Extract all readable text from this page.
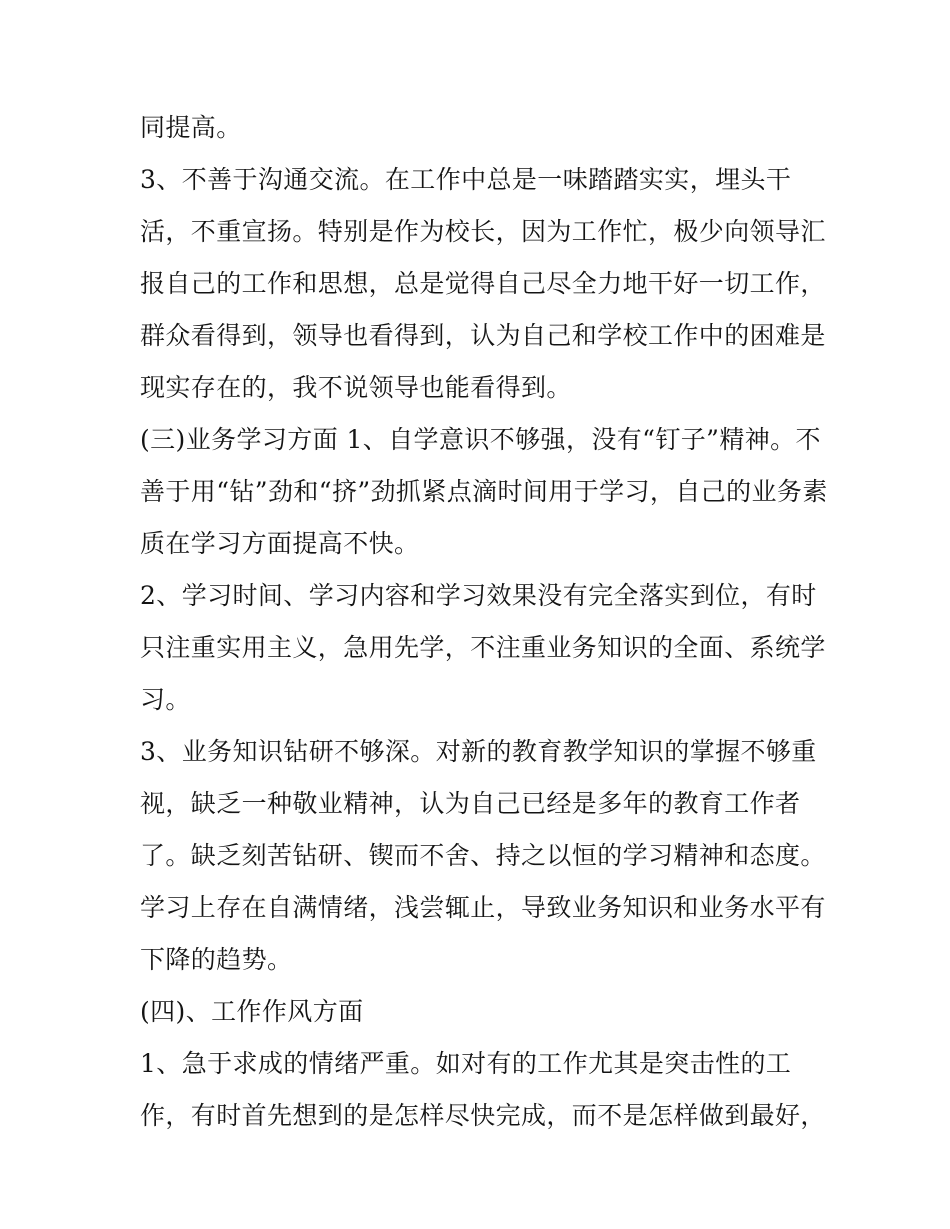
同提高。
3、不善于沟通交流。在工作中总是一味踏踏实实，埋头干
活，不重宣扬。特别是作为校长，因为工作忙，极少向领导汇
报自己的工作和思想，总是觉得自己尽全力地干好一切工作，
群众看得到，领导也看得到，认为自己和学校工作中的困难是
现实存在的，我不说领导也能看得到。
(三)业务学习方面 1、自学意识不够强，没有“钉子”精神。不
善于用“钻”劲和“挤”劲抓紧点滴时间用于学习，自己的业务素
质在学习方面提高不快。
2、学习时间、学习内容和学习效果没有完全落实到位，有时
只注重实用主义，急用先学，不注重业务知识的全面、系统学
习。
3、业务知识钻研不够深。对新的教育教学知识的掌握不够重
视，缺乏一种敬业精神，认为自己已经是多年的教育工作者
了。缺乏刻苦钻研、锲而不舍、持之以恒的学习精神和态度。
学习上存在自满情绪，浅尝辄止，导致业务知识和业务水平有
下降的趋势。
(四)、工作作风方面
1、急于求成的情绪严重。如对有的工作尤其是突击性的工
作，有时首先想到的是怎样尽快完成，而不是怎样做到最好，
